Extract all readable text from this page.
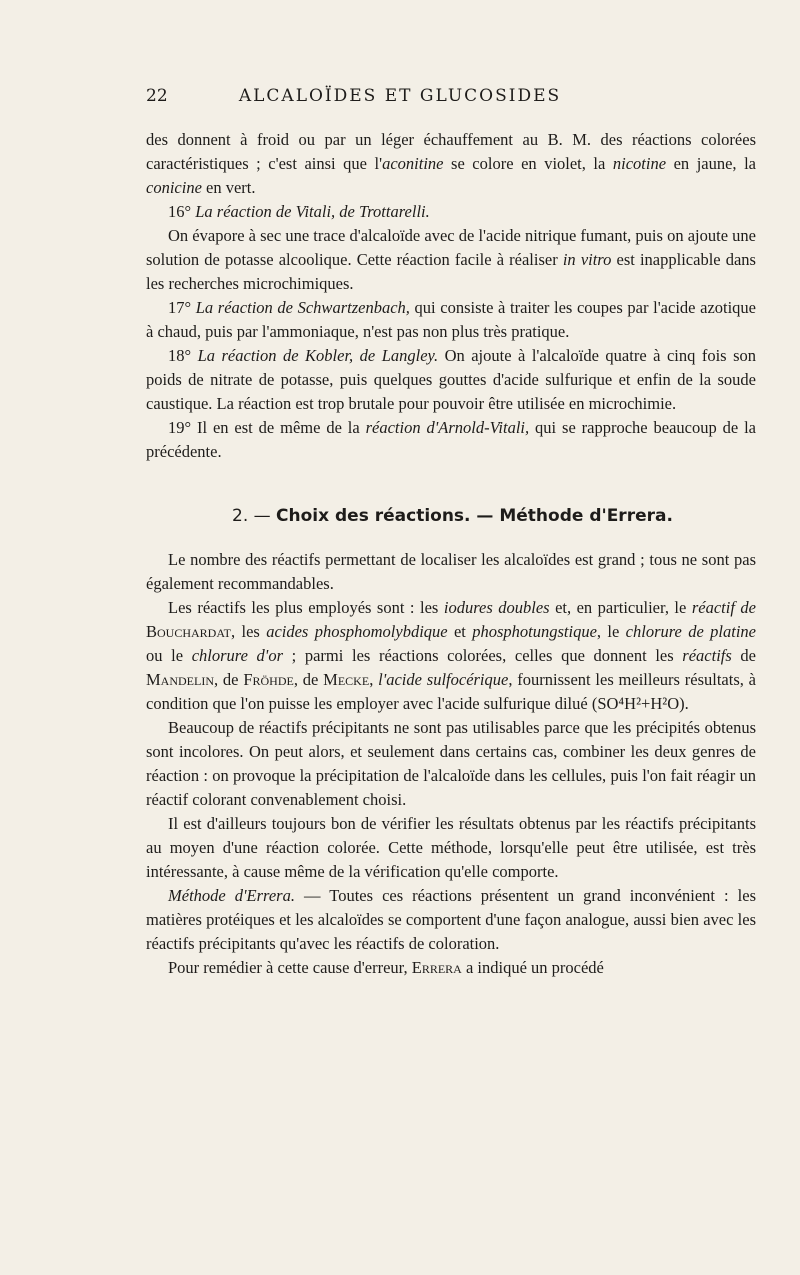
22	ALCALOÏDES ET GLUCOSIDES

des donnent à froid ou par un léger échauffement au B. M. des réactions colorées caractéristiques ; c'est ainsi que l'aconitine se colore en violet, la nicotine en jaune, la conicine en vert.

16° La réaction de Vitali, de Trottarelli.

On évapore à sec une trace d'alcaloïde avec de l'acide nitrique fumant, puis on ajoute une solution de potasse alcoolique. Cette réaction facile à réaliser in vitro est inapplicable dans les recherches microchimiques.

17° La réaction de Schwartzenbach, qui consiste à traiter les coupes par l'acide azotique à chaud, puis par l'ammoniaque, n'est pas non plus très pratique.

18° La réaction de Kobler, de Langley. On ajoute à l'alcaloïde quatre à cinq fois son poids de nitrate de potasse, puis quelques gouttes d'acide sulfurique et enfin de la soude caustique. La réaction est trop brutale pour pouvoir être utilisée en microchimie.

19° Il en est de même de la réaction d'Arnold-Vitali, qui se rapproche beaucoup de la précédente.

2. — Choix des réactions. — Méthode d'Errera.

Le nombre des réactifs permettant de localiser les alcaloïdes est grand ; tous ne sont pas également recommandables.

Les réactifs les plus employés sont : les iodures doubles et, en particulier, le réactif de Bouchardat, les acides phosphomolybdique et phosphotungstique, le chlorure de platine ou le chlorure d'or ; parmi les réactions colorées, celles que donnent les réactifs de Mandelin, de Fröhde, de Mecke, l'acide sulfocérique, fournissent les meilleurs résultats, à condition que l'on puisse les employer avec l'acide sulfurique dilué (SO⁴H²+H²O).

Beaucoup de réactifs précipitants ne sont pas utilisables parce que les précipités obtenus sont incolores. On peut alors, et seulement dans certains cas, combiner les deux genres de réaction : on provoque la précipitation de l'alcaloïde dans les cellules, puis l'on fait réagir un réactif colorant convenablement choisi.

Il est d'ailleurs toujours bon de vérifier les résultats obtenus par les réactifs précipitants au moyen d'une réaction colorée. Cette méthode, lorsqu'elle peut être utilisée, est très intéressante, à cause même de la vérification qu'elle comporte.

Méthode d'Errera. — Toutes ces réactions présentent un grand inconvénient : les matières protéiques et les alcaloïdes se comportent d'une façon analogue, aussi bien avec les réactifs précipitants qu'avec les réactifs de coloration.

Pour remédier à cette cause d'erreur, Errera a indiqué un procédé
